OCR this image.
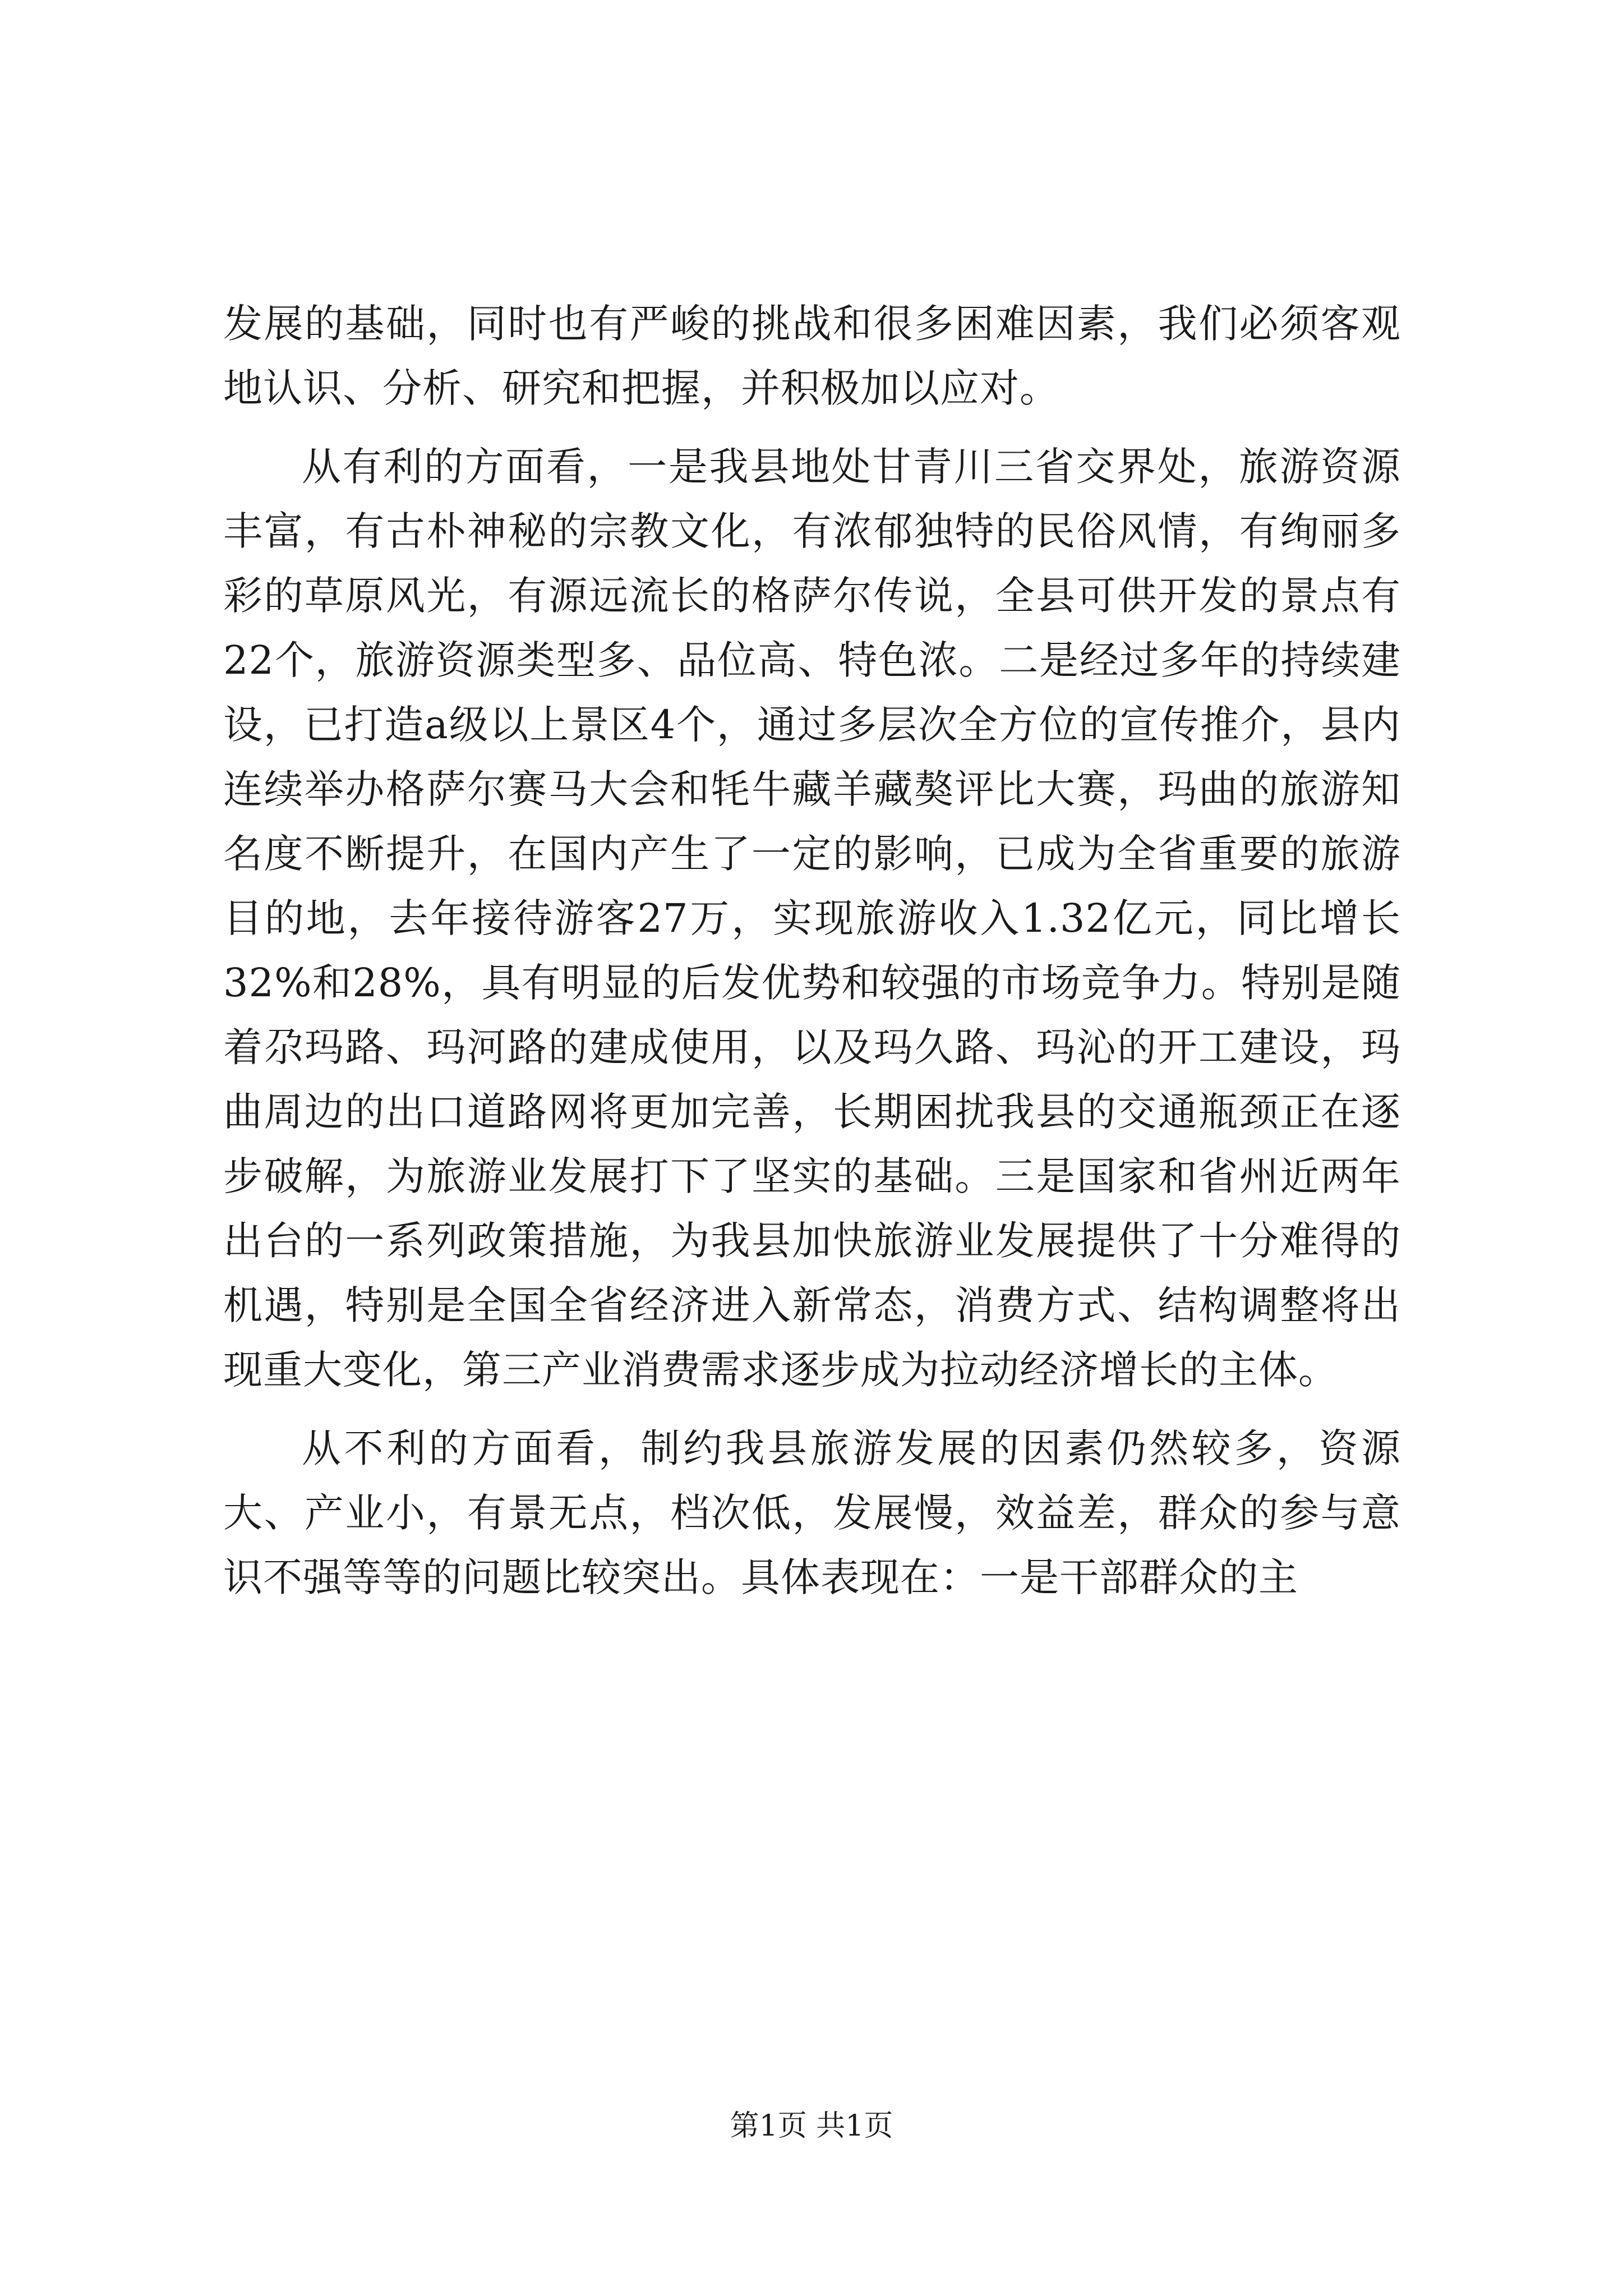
发展的基础，同时也有严峻的挑战和很多困难因素，我们必须客观地认识、分析、研究和把握，并积极加以应对。

从有利的方面看，一是我县地处甘青川三省交界处，旅游资源丰富，有古朴神秘的宗教文化，有浓郁独特的民俗风情，有绚丽多彩的草原风光，有源远流长的格萨尔传说，全县可供开发的景点有22个，旅游资源类型多、品位高、特色浓。二是经过多年的持续建设，已打造a级以上景区4个，通过多层次全方位的宣传推介，县内连续举办格萨尔赛马大会和牦牛藏羊藏獒评比大赛，玛曲的旅游知名度不断提升，在国内产生了一定的影响，已成为全省重要的旅游目的地，去年接待游客27万，实现旅游收入1.32亿元，同比增长32%和28%，具有明显的后发优势和较强的市场竞争力。特别是随着尕玛路、玛河路的建成使用，以及玛久路、玛沁的开工建设，玛曲周边的出口道路网将更加完善，长期困扰我县的交通瓶颈正在逐步破解，为旅游业发展打下了坚实的基础。三是国家和省州近两年出台的一系列政策措施，为我县加快旅游业发展提供了十分难得的机遇，特别是全国全省经济进入新常态，消费方式、结构调整将出现重大变化，第三产业消费需求逐步成为拉动经济增长的主体。

从不利的方面看，制约我县旅游发展的因素仍然较多，资源大、产业小，有景无点，档次低，发展慢，效益差，群众的参与意识不强等等的问题比较突出。具体表现在：一是干部群众的主

第1页 共1页
